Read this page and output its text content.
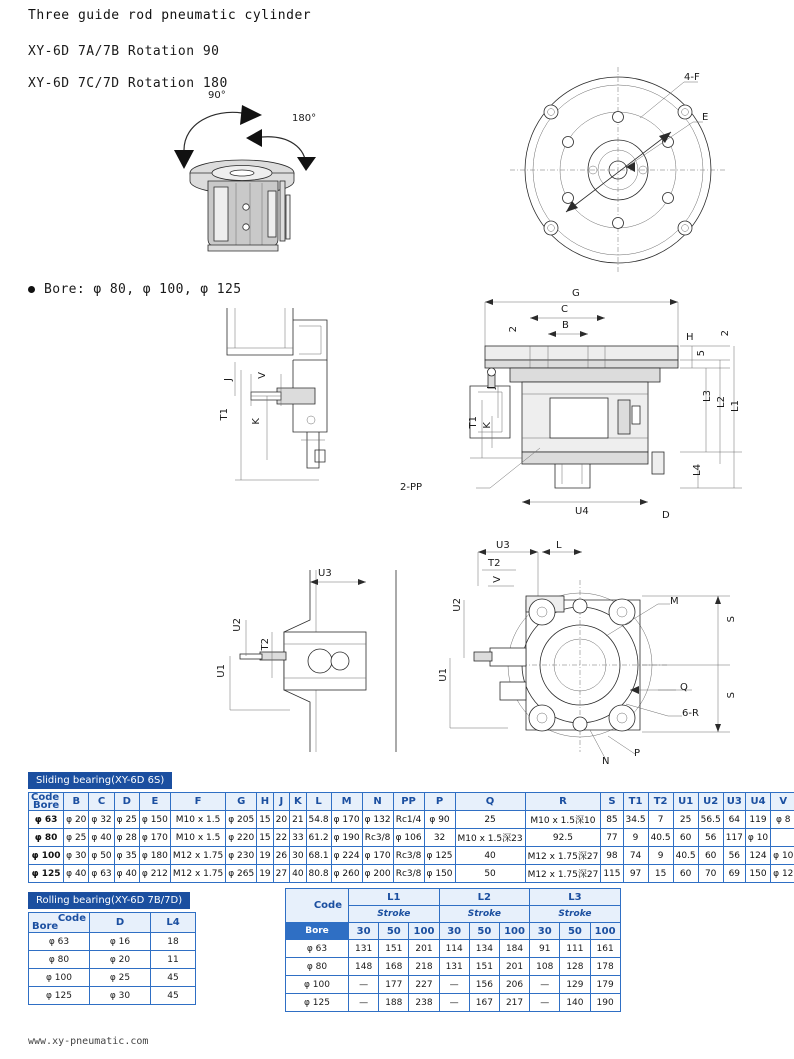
Three guide rod pneumatic cylinder
XY-6D 7A/7B Rotation 90
XY-6D 7C/7D Rotation 180
Bore: φ 80, φ 100, φ 125
90°
180°
4-F
E
J
V
T1
K
G
C
B
2
H	2
5
L3
L2 L1
L4
J
T1 K
U4	D
2-PP
U3
U2
U1
T2
U3	L
T2
V
M
Q
S
S
6-R
P
N
U2
U1
Sliding bearing(XY-6D 6S)
Code
Bore	B	C	D	E	F	G	H	J	K	L	M	N	PP	P	Q	R	S	T1	T2	U1	U2	U3	U4	V
φ 63	φ 20	φ 32	φ 25	φ 150	M10 x 1.5	φ 205	15	20	21	54.8	φ 170	φ 132	Rc1/4	φ 90	25	M10 x 1.5深10	85	34.5	7	25	56.5	64	119	φ 8
φ 80	φ 25	φ 40	φ 28	φ 170	M10 x 1.5	φ 220	15	22	33	61.2	φ 190	Rc3/8	φ 106	32	M10 x 1.5深23	92.5	77	9	40.5	60	56	117	φ 10	
φ 100	φ 30	φ 50	φ 35	φ 180	M12 x 1.75	φ 230	19	26	30	68.1	φ 224	φ 170	Rc3/8	φ 125	40	M12 x 1.75深27	98	74	9	40.5	60	56	124	φ 10
φ 125	φ 40	φ 63	φ 40	φ 212	M12 x 1.75	φ 265	19	27	40	80.8	φ 260	φ 200	Rc3/8	φ 150	50	M12 x 1.75深27	115	97	15	60	70	69	150	φ 12
Rolling bearing(XY-6D 7B/7D)
Code
Bore	D	L4
φ 63	φ 16	18
φ 80	φ 20	11
φ 100	φ 25	45
φ 125	φ 30	45
Code	L1			L2			L3		
	Stroke			Stroke			Stroke		
Bore	30	50	100	30	50	100	30	50	100
φ 63	131	151	201	114	134	184	91	111	161
φ 80	148	168	218	131	151	201	108	128	178
φ 100	—	177	227	—	156	206	—	129	179
φ 125	—	188	238	—	167	217	—	140	190
www.xy-pneumatic.com
